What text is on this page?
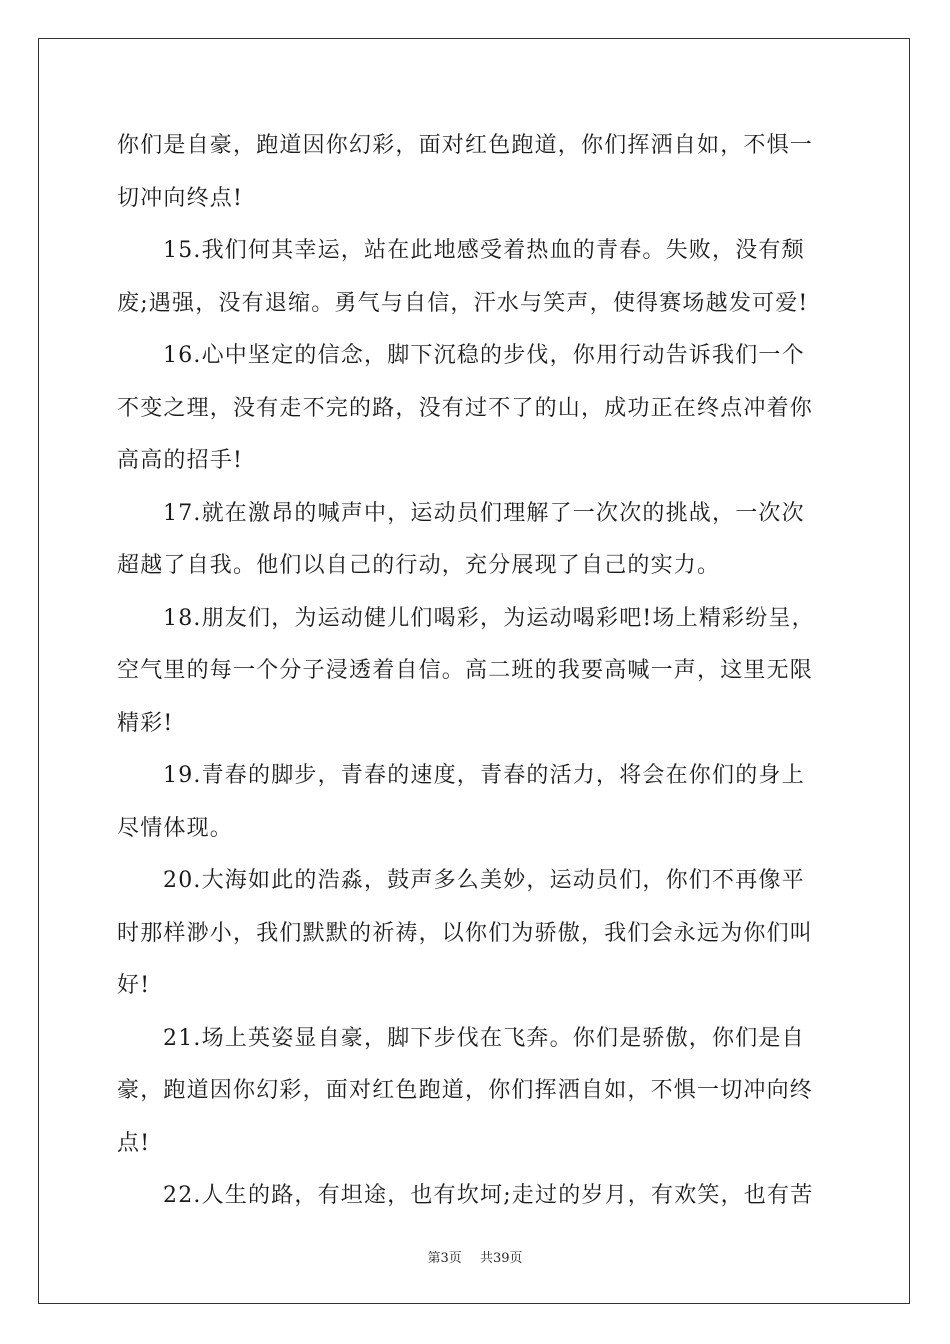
你们是自豪，跑道因你幻彩，面对红色跑道，你们挥洒自如，不惧一
切冲向终点!
15.我们何其幸运，站在此地感受着热血的青春。失败，没有颓
废;遇强，没有退缩。勇气与自信，汗水与笑声，使得赛场越发可爱!
16.心中坚定的信念，脚下沉稳的步伐，你用行动告诉我们一个
不变之理，没有走不完的路，没有过不了的山，成功正在终点冲着你
高高的招手!
17.就在激昂的喊声中，运动员们理解了一次次的挑战，一次次
超越了自我。他们以自己的行动，充分展现了自己的实力。
18.朋友们，为运动健儿们喝彩，为运动喝彩吧!场上精彩纷呈，
空气里的每一个分子浸透着自信。高二班的我要高喊一声，这里无限
精彩!
19.青春的脚步，青春的速度，青春的活力，将会在你们的身上
尽情体现。
20.大海如此的浩淼，鼓声多么美妙，运动员们，你们不再像平
时那样渺小，我们默默的祈祷，以你们为骄傲，我们会永远为你们叫
好!
21.场上英姿显自豪，脚下步伐在飞奔。你们是骄傲，你们是自
豪，跑道因你幻彩，面对红色跑道，你们挥洒自如，不惧一切冲向终
点!
22.人生的路，有坦途，也有坎坷;走过的岁月，有欢笑，也有苦
第3页 共39页
